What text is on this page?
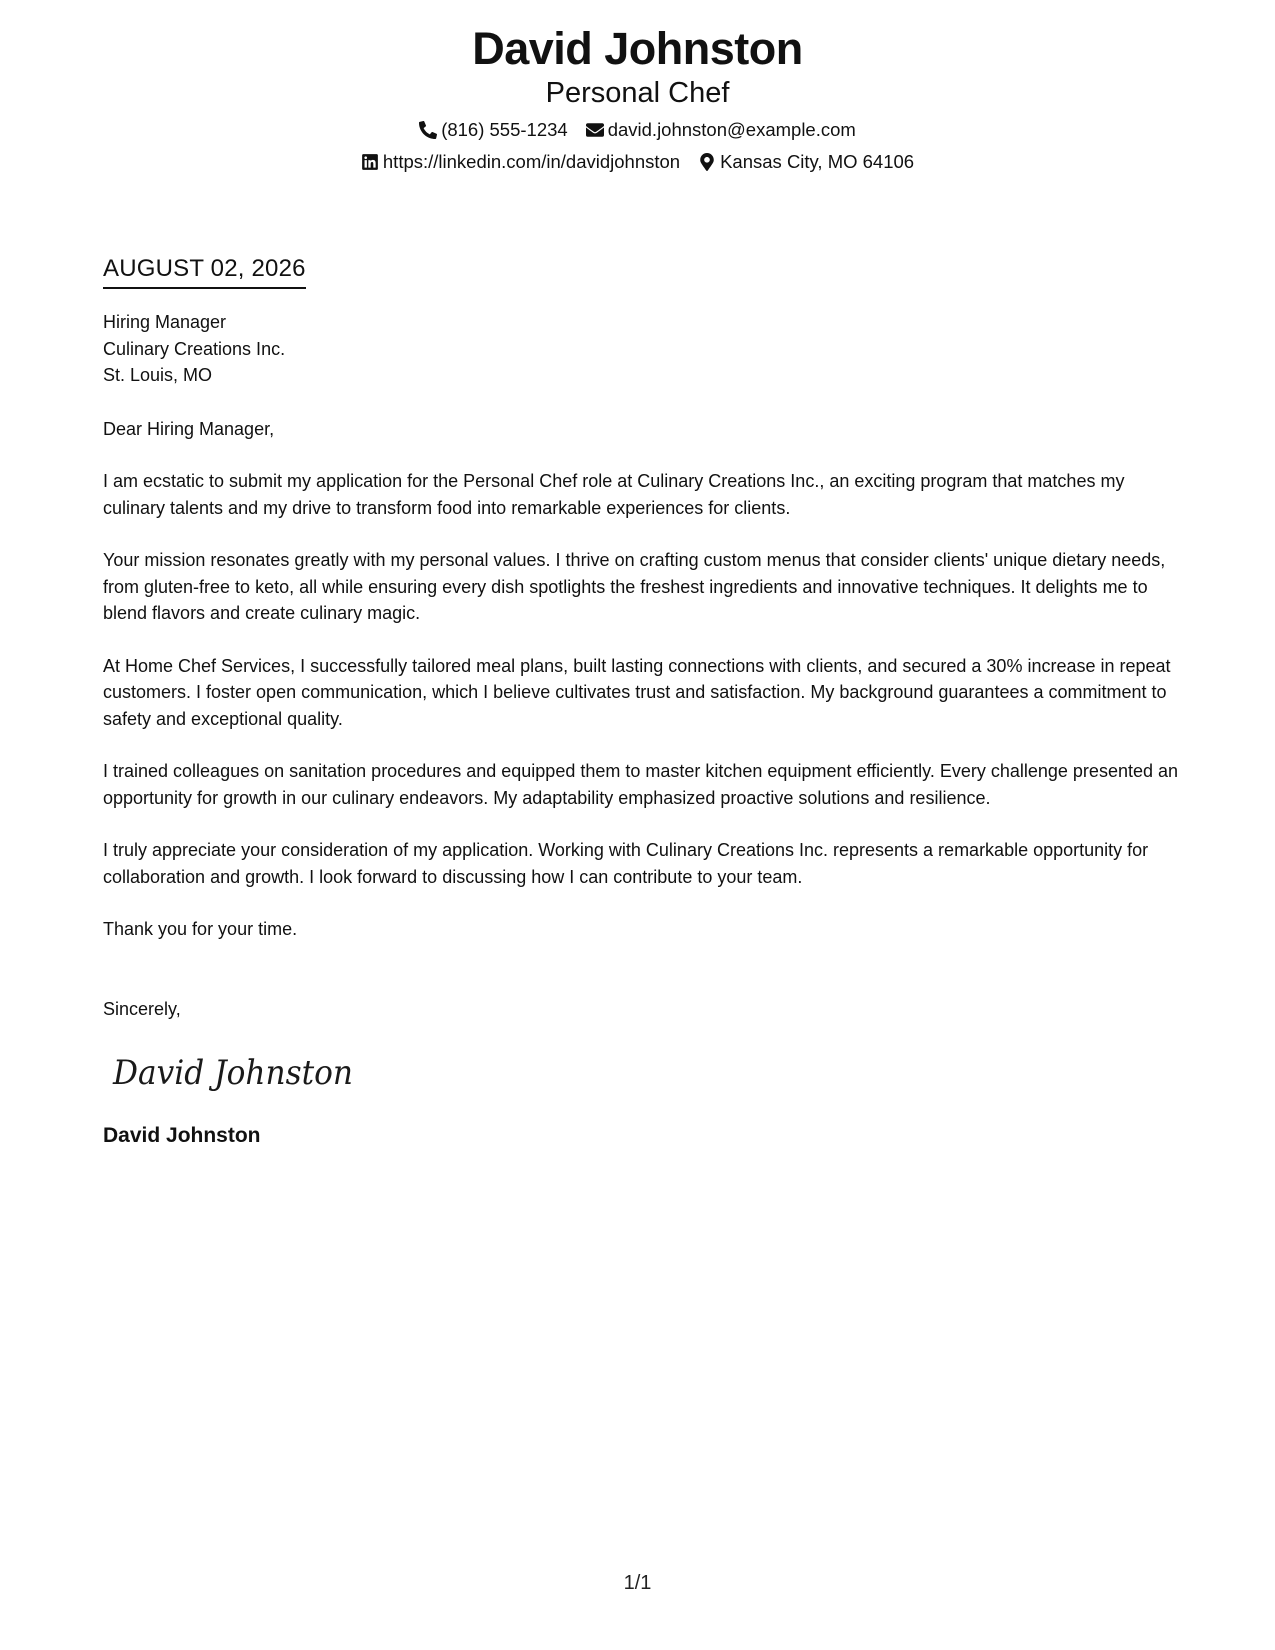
David Johnston
Personal Chef
(816) 555-1234 david.johnston@example.com
https://linkedin.com/in/davidjohnston Kansas City, MO 64106
AUGUST 02, 2026
Hiring Manager
Culinary Creations Inc.
St. Louis, MO
Dear Hiring Manager,

I am ecstatic to submit my application for the Personal Chef role at Culinary Creations Inc., an exciting program that matches my culinary talents and my drive to transform food into remarkable experiences for clients.

Your mission resonates greatly with my personal values. I thrive on crafting custom menus that consider clients' unique dietary needs, from gluten-free to keto, all while ensuring every dish spotlights the freshest ingredients and innovative techniques. It delights me to blend flavors and create culinary magic.

At Home Chef Services, I successfully tailored meal plans, built lasting connections with clients, and secured a 30% increase in repeat customers. I foster open communication, which I believe cultivates trust and satisfaction. My background guarantees a commitment to safety and exceptional quality.

I trained colleagues on sanitation procedures and equipped them to master kitchen equipment efficiently. Every challenge presented an opportunity for growth in our culinary endeavors. My adaptability emphasized proactive solutions and resilience.

I truly appreciate your consideration of my application. Working with Culinary Creations Inc. represents a remarkable opportunity for collaboration and growth. I look forward to discussing how I can contribute to your team.

Thank you for your time.
Sincerely,
David Johnston
David Johnston
1/1
